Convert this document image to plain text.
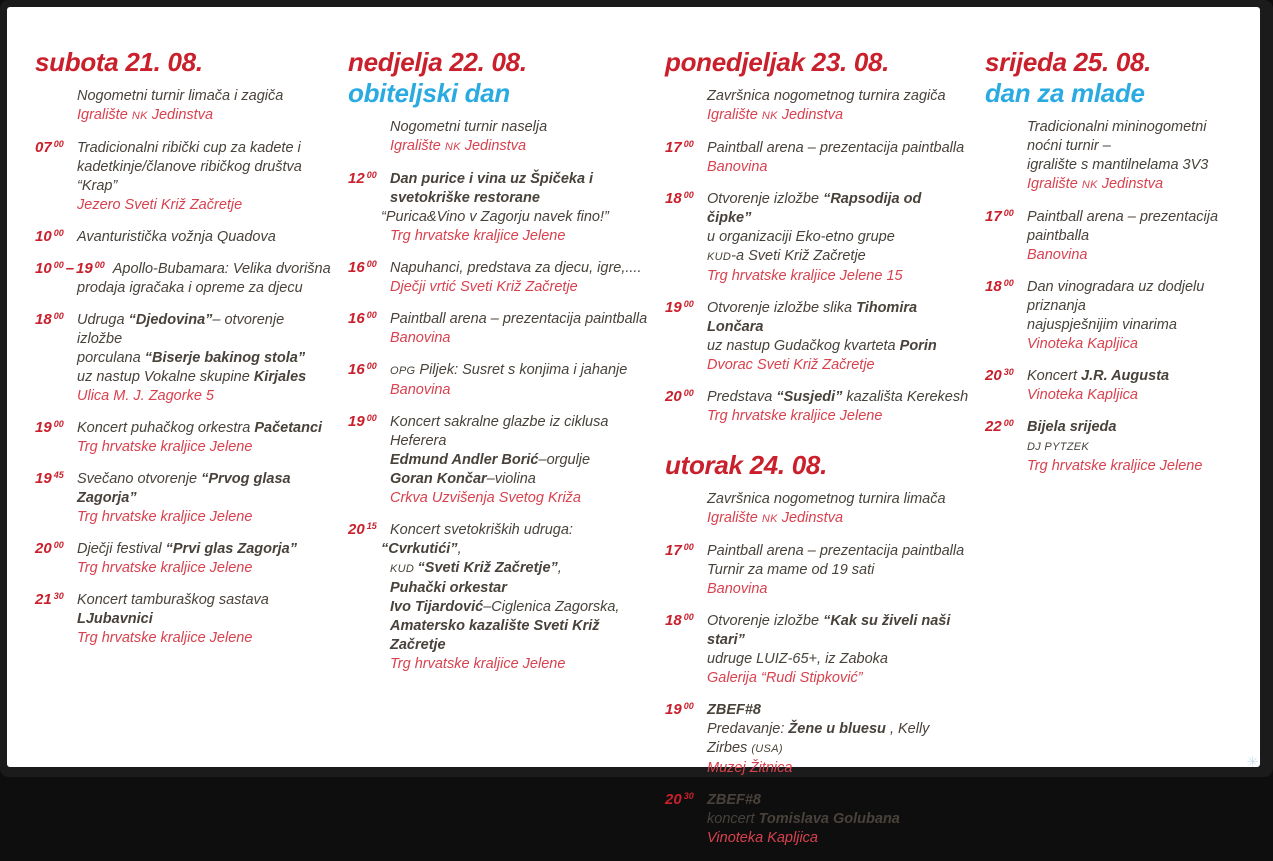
subota 21. 08.
Nogometni turnir limača i zagiča
Igralište NK Jedinstva
07 $^{00}$ Tradicionalni ribički cup za kadete i
kadetkinje/članove ribičkog društva “Krap”
Jezero Sveti Križ Začretje
10 $^{00}$ Avanturistička vožnja Quadova
10 $^{00}$ – 19 $^{00}$  Apollo-Bubamara: Velika dvorišna prodaja igračaka i opreme za djecu
18 $^{00}$ Udruga “Djedovina”– otvorenje izložbe
porculana “Biserje bakinog stola”
uz nastup Vokalne skupine Kirjales
Ulica M. J. Zagorke 5
19 $^{00}$ Koncert puhačkog orkestra Pačetanci
Trg hrvatske kraljice Jelene
19 $^{45}$ Svečano otvorenje “Prvog glasa Zagorja”
Trg hrvatske kraljice Jelene
20 $^{00}$ Dječji festival “Prvi glas Zagorja”
Trg hrvatske kraljice Jelene
21 $^{30}$ Koncert tamburaškog sastava LJubavnici
Trg hrvatske kraljice Jelene
nedjelja 22. 08.
obiteljski dan
Nogometni turnir naselja
Igralište NK Jedinstva
12 $^{00}$ Dan purice i vina uz Špičeka i
svetokriške restorane
“Purica&Vino v Zagorju navek fino!”
Trg hrvatske kraljice Jelene
16 $^{00}$ Napuhanci, predstava za djecu, igre,....
Dječji vrtić Sveti Križ Začretje
16 $^{00}$ Paintball arena – prezentacija paintballa
Banovina
16 $^{00}$	OPG Piljek: Susret s konjima i jahanje
Banovina
19 $^{00}$ Koncert sakralne glazbe iz ciklusa Heferera
Edmund Andler Borić–orgulje
Goran Končar–violina
Crkva Uzvišenja Svetog Križa
20 $^{15}$ Koncert svetokriških udruga:
“Cvrkutići”,
KUD “Sveti Križ Začretje”,
Puhački orkestar
Ivo Tijardović–Ciglenica Zagorska,
Amatersko kazalište Sveti Križ Začretje
Trg hrvatske kraljice Jelene
ponedjeljak 23. 08.
Završnica nogometnog turnira zagiča
Igralište NK Jedinstva
17 $^{00}$ Paintball arena – prezentacija paintballa
Banovina
18 $^{00}$ Otvorenje izložbe “Rapsodija od čipke”
u organizaciji Eko-etno grupe
KUD-a Sveti Križ Začretje
Trg hrvatske kraljice Jelene 15
19 $^{00}$ Otvorenje izložbe slika Tihomira Lončara
uz nastup Gudačkog kvarteta Porin
Dvorac Sveti Križ Začretje
20 $^{00}$ Predstava “Susjedi” kazališta Kerekesh
Trg hrvatske kraljice Jelene
utorak 24. 08.
Završnica nogometnog turnira limača
Igralište NK Jedinstva
17 $^{00}$ Paintball arena – prezentacija paintballa
Turnir za mame od 19 sati
Banovina
18 $^{00}$ Otvorenje izložbe “Kak su živeli naši stari”
udruge LUIZ-65+, iz Zaboka
Galerija “Rudi Stipković”
19 $^{00}$ ZBEF#8
Predavanje: Žene u bluesu , Kelly Zirbes (USA)
Muzej Žitnica
20 $^{30}$ ZBEF#8
koncert Tomislava Golubana
Vinoteka Kapljica
srijeda 25. 08.
dan za mlade
Tradicionalni mininogometni noćni turnir –
igralište s mantilnelama 3V3
Igralište NK Jedinstva
17 $^{00}$ Paintball arena – prezentacija paintballa
Banovina
18 $^{00}$ Dan vinogradara uz dodjelu priznanja
najuspješnijim vinarima
Vinoteka Kapljica
20 $^{30}$ Koncert J.R. Augusta
Vinoteka Kapljica
22 $^{00}$ Bijela srijeda
DJ PYTZEK
Trg hrvatske kraljice Jelene
✳
